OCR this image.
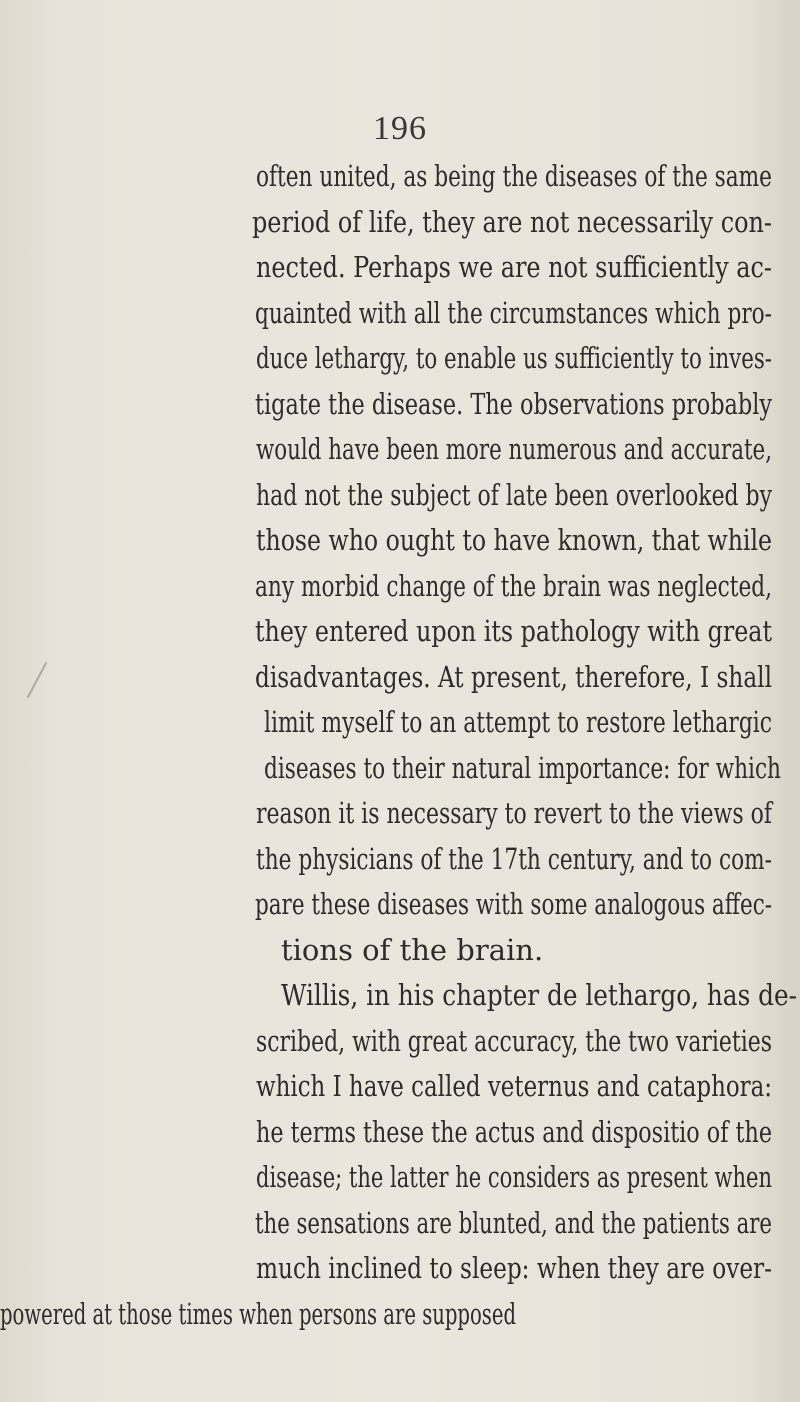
196
often united, as being the diseases of the same
period of life, they are not necessarily con-
nected. Perhaps we are not sufficiently ac-
quainted with all the circumstances which pro-
duce lethargy, to enable us sufficiently to inves-
tigate the disease. The observations probably
would have been more numerous and accurate,
had not the subject of late been overlooked by
those who ought to have known, that while
any morbid change of the brain was neglected,
they entered upon its pathology with great
disadvantages. At present, therefore, I shall
limit myself to an attempt to restore lethargic
diseases to their natural importance: for which
reason it is necessary to revert to the views of
the physicians of the 17th century, and to com-
pare these diseases with some analogous affec-
tions of the brain.
Willis, in his chapter de lethargo, has de-
scribed, with great accuracy, the two varieties
which I have called veternus and cataphora:
he terms these the actus and dispositio of the
disease; the latter he considers as present when
the sensations are blunted, and the patients are
much inclined to sleep: when they are over-
powered at those times when persons are supposed
